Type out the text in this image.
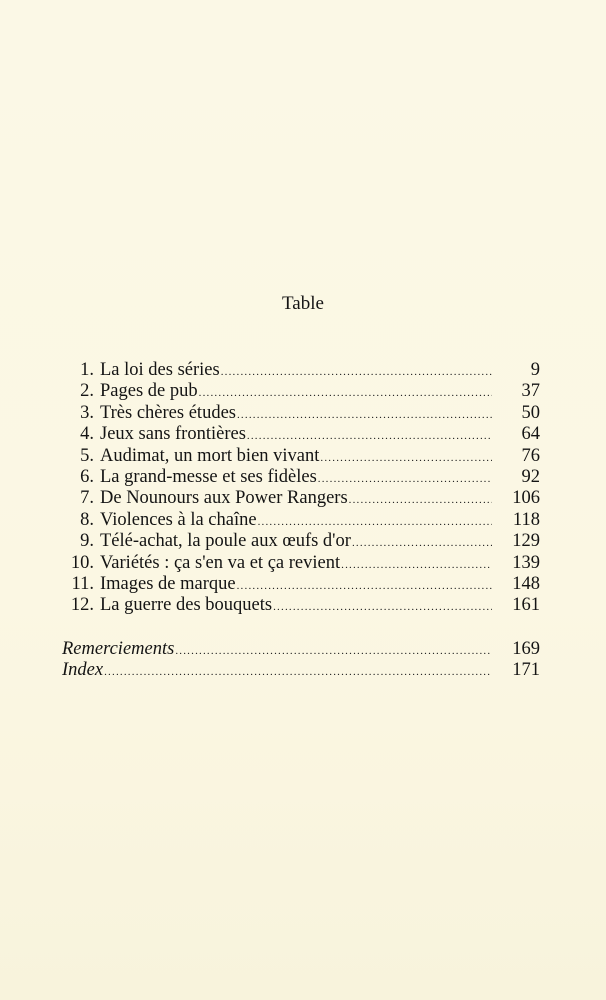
Table
1. La loi des séries .....	9
2. Pages de pub .....	37
3. Très chères études .....	50
4. Jeux sans frontières .....	64
5. Audimat, un mort bien vivant .....	76
6. La grand-messe et ses fidèles .....	92
7. De Nounours aux Power Rangers .....	106
8. Violences à la chaîne .....	118
9. Télé-achat, la poule aux œufs d'or .....	129
10. Variétés : ça s'en va et ça revient .....	139
11. Images de marque .....	148
12. La guerre des bouquets .....	161
Remerciements .....	169
Index .....	171
